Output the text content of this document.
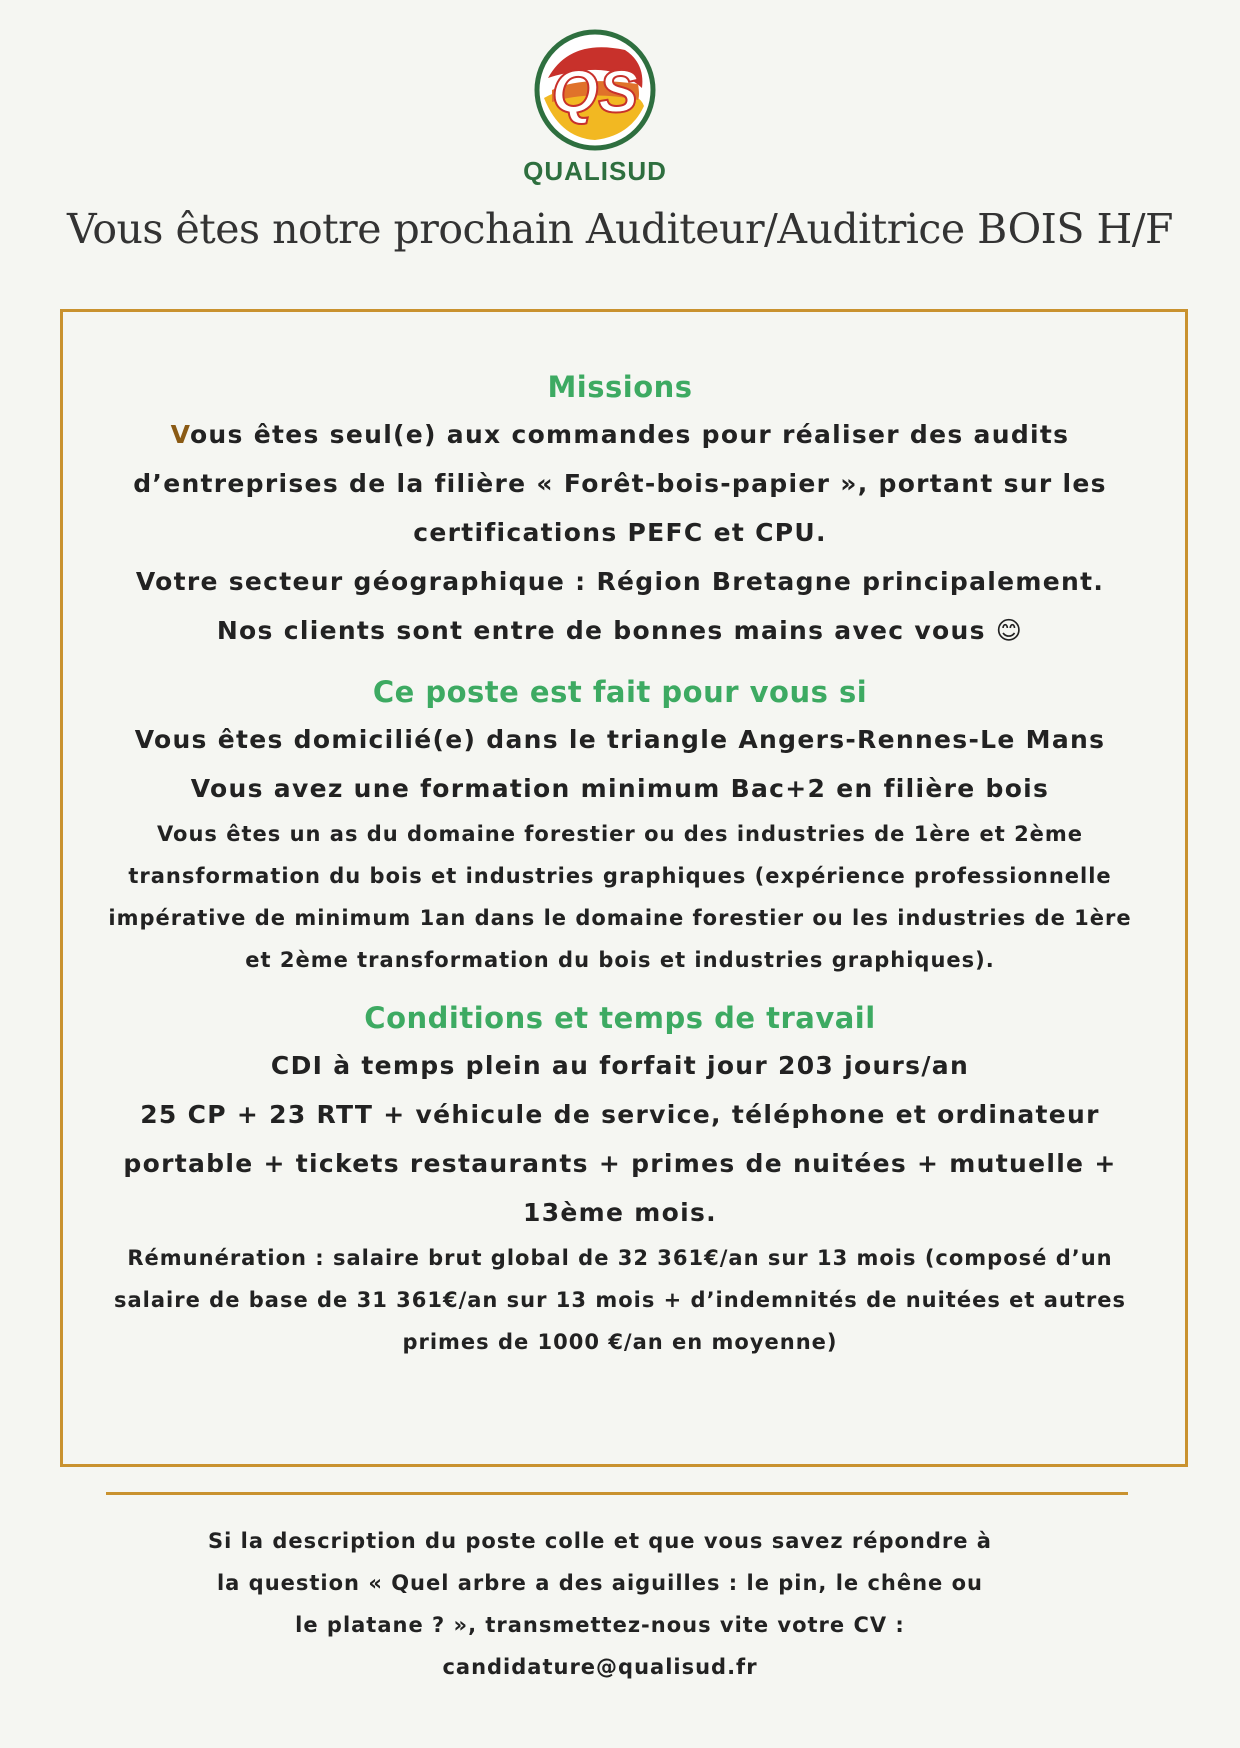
QS
QUALISUD
Vous êtes notre prochain Auditeur/Auditrice BOIS H/F
Missions
Vous êtes seul(e) aux commandes pour réaliser des audits
d’entreprises de la filière « Forêt-bois-papier », portant sur les
certifications PEFC et CPU.
Votre secteur géographique : Région Bretagne principalement.
Nos clients sont entre de bonnes mains avec vous 😊
Ce poste est fait pour vous si
Vous êtes domicilié(e) dans le triangle Angers-Rennes-Le Mans
Vous avez une formation minimum Bac+2 en filière bois
Vous êtes un as du domaine forestier ou des industries de 1ère et 2ème
transformation du bois et industries graphiques (expérience professionnelle
impérative de minimum 1an dans le domaine forestier ou les industries de 1ère
et 2ème transformation du bois et industries graphiques).
Conditions et temps de travail
CDI à temps plein au forfait jour 203 jours/an
25 CP + 23 RTT + véhicule de service, téléphone et ordinateur
portable + tickets restaurants + primes de nuitées + mutuelle +
13ème mois.
Rémunération : salaire brut global de 32 361€/an sur 13 mois (composé d’un
salaire de base de 31 361€/an sur 13 mois + d’indemnités de nuitées et autres
primes de 1000 €/an en moyenne)
Si la description du poste colle et que vous savez répondre à
la question « Quel arbre a des aiguilles : le pin, le chêne ou
le platane ? », transmettez-nous vite votre CV :
candidature@qualisud.fr
